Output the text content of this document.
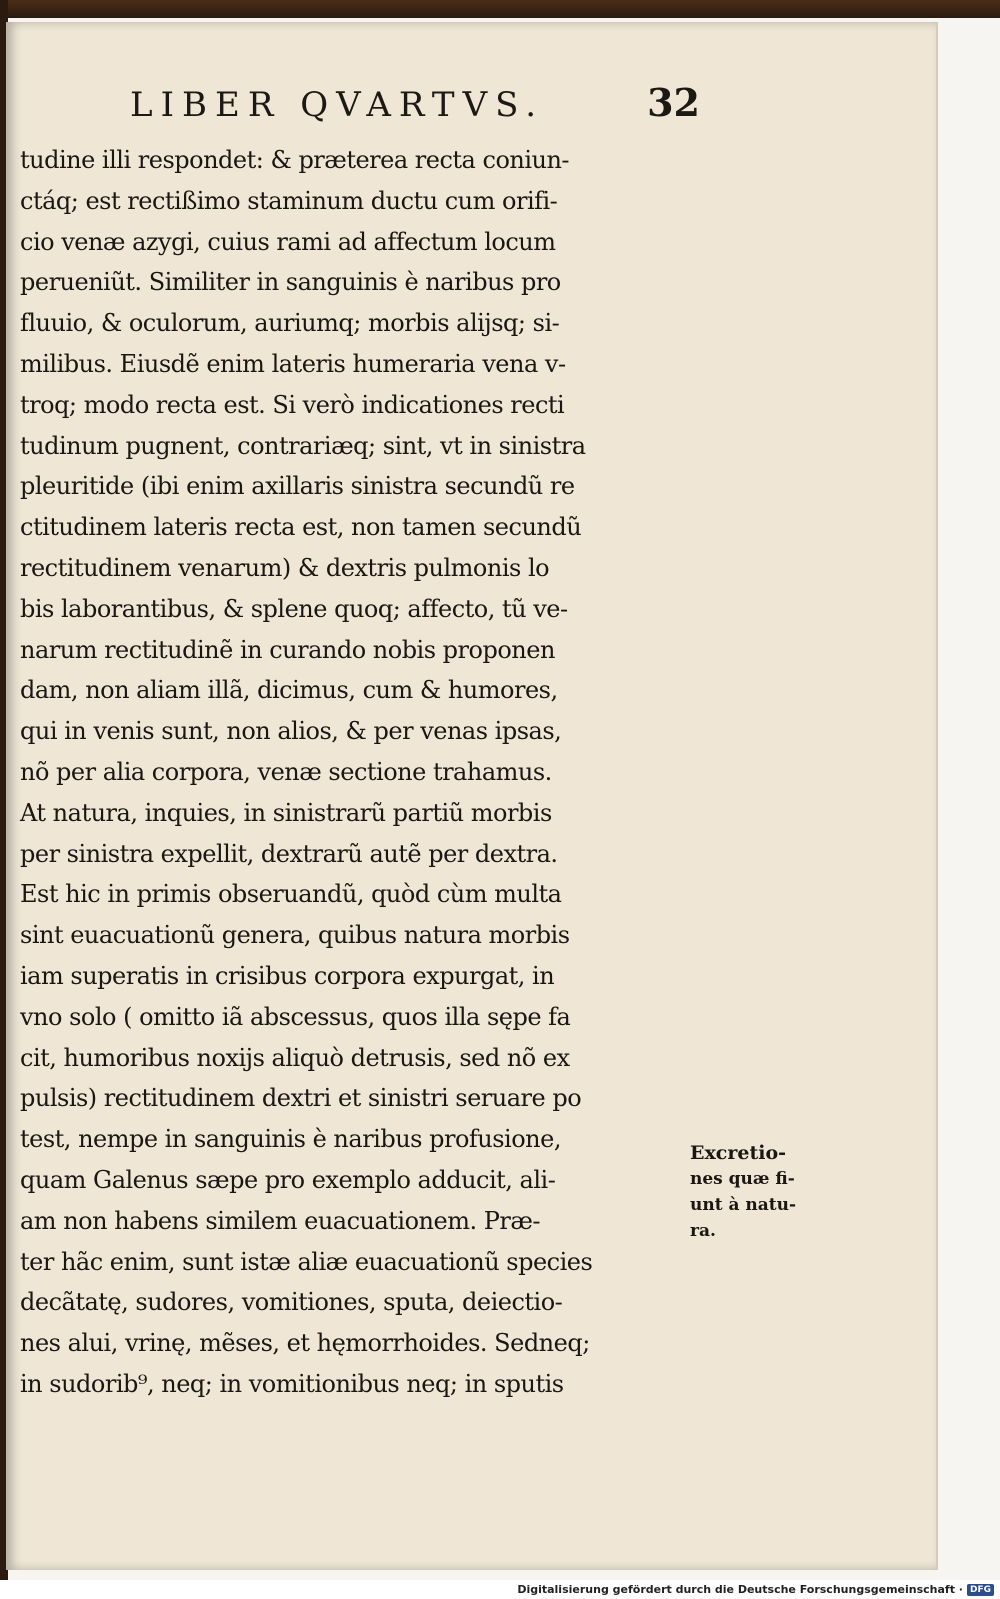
LIBER QVARTVS.	32
tudine illi respondet: & præterea recta coniun-
ctáq; est rectißimo staminum ductu cum orifi-
cio venæ azygi, cuius rami ad affectum locum
perueniũt. Similiter in sanguinis è naribus pro
fluuio, & oculorum, auriumq; morbis alijsq; si-
milibus. Eiusdẽ enim lateris humeraria vena v-
troq; modo recta est. Si verò indicationes recti
tudinum pugnent, contrariæq; sint, vt in sinistra
pleuritide (ibi enim axillaris sinistra secundũ re
ctitudinem lateris recta est, non tamen secundũ
rectitudinem venarum) & dextris pulmonis lo
bis laborantibus, & splene quoq; affecto, tũ ve-
narum rectitudinẽ in curando nobis proponen
dam, non aliam illã, dicimus, cum & humores,
qui in venis sunt, non alios, & per venas ipsas,
nõ per alia corpora, venæ sectione trahamus.
At natura, inquies, in sinistrarũ partiũ morbis
per sinistra expellit, dextrarũ autẽ per dextra.
Est hic in primis obseruandũ, quòd cùm multa
sint euacuationũ genera, quibus natura morbis
iam superatis in crisibus corpora expurgat, in
vno solo ( omitto iã abscessus, quos illa sępe fa
cit, humoribus noxijs aliquò detrusis, sed nõ ex
pulsis) rectitudinem dextri et sinistri seruare po
test, nempe in sanguinis è naribus profusione,
quam Galenus sæpe pro exemplo adducit, ali-
am non habens similem euacuationem. Præ-
ter hãc enim, sunt istæ aliæ euacuationũ species
decãtatę, sudores, vomitiones, sputa, deiectio-
nes alui, vrinę, mẽses, et hęmorrhoides. Sedneq;
in sudorib⁹, neq; in vomitionibus neq; in sputis
Excretio-
nes quæ fi-
unt à natu-
ra.
Digitalisierung gefördert durch die Deutsche Forschungsgemeinschaft · DFG
